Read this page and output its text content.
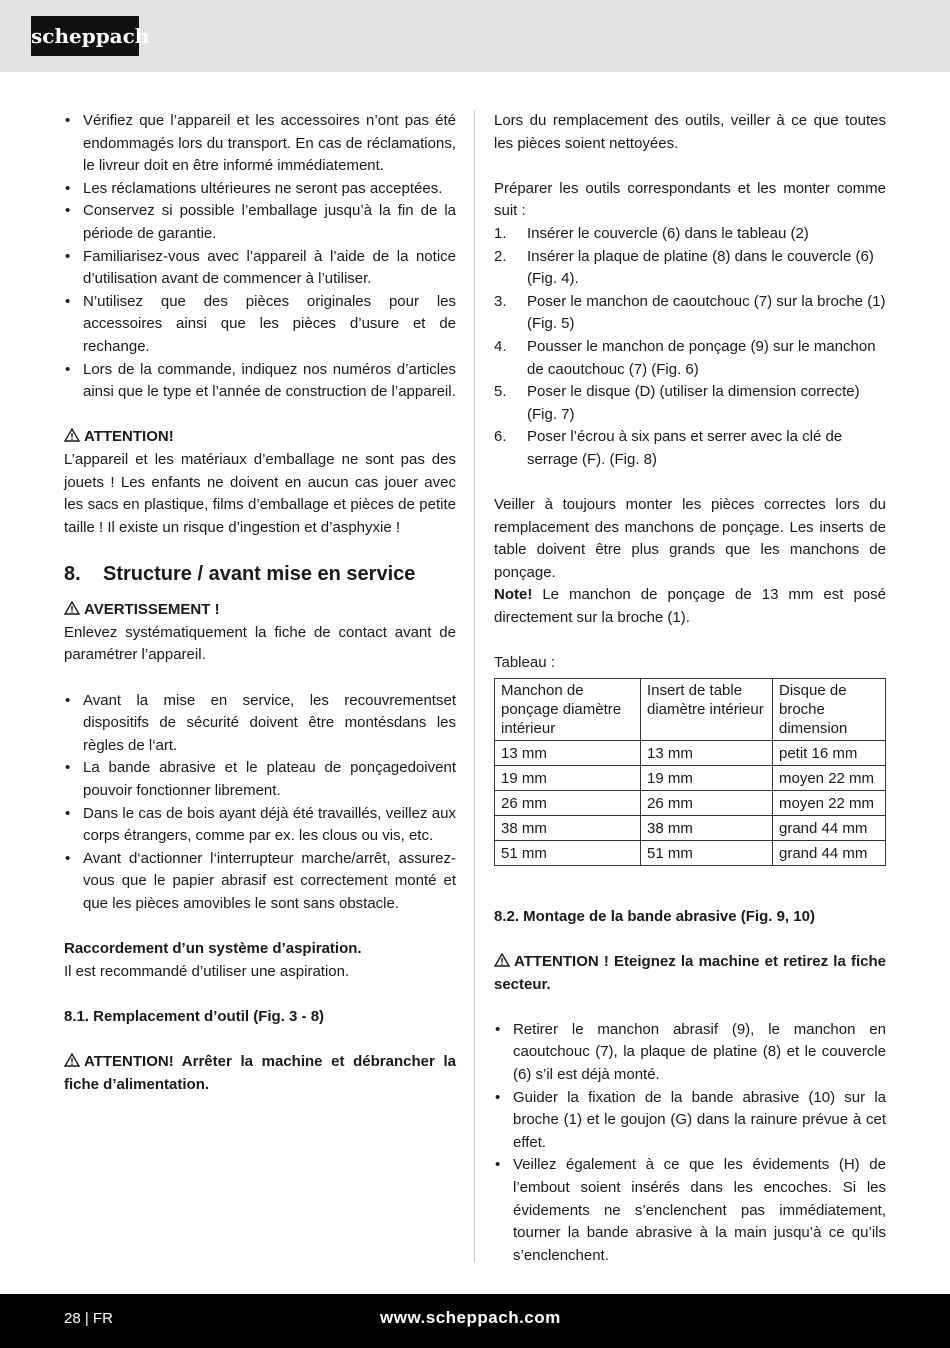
scheppach
• Vérifiez que l’appareil et les accessoires n’ont pas été endommagés lors du transport. En cas de réclamations, le livreur doit en être informé immédiatement.
• Les réclamations ultérieures ne seront pas acceptées.
• Conservez si possible l’emballage jusqu’à la fin de la période de garantie.
• Familiarisez-vous avec l’appareil à l’aide de la notice d’utilisation avant de commencer à l’utiliser.
• N’utilisez que des pièces originales pour les accessoires ainsi que les pièces d’usure et de rechange.
• Lors de la commande, indiquez nos numéros d’articles ainsi que le type et l’année de construction de l’appareil.

ATTENTION!

L’appareil et les matériaux d’emballage ne sont pas des jouets ! Les enfants ne doivent en aucun cas jouer avec les sacs en plastique, films d’emballage et pièces de petite taille ! Il existe un risque d’ingestion et d’asphyxie !

8. Structure / avant mise en service

AVERTISSEMENT !

Enlevez systématiquement la fiche de contact avant de paramétrer l’appareil.

• Avant la mise en service, les recouvrementset dispositifs de sécurité doivent être montésdans les règles de l‘art.
• La bande abrasive et le plateau de ponçagedoivent pouvoir fonctionner librement.
• Dans le cas de bois ayant déjà été travaillés, veillez aux corps étrangers, comme par ex. les clous ou vis, etc.
• Avant d‘actionner l‘interrupteur marche/arrêt, assurez-vous que le papier abrasif est correctement monté et que les pièces amovibles le sont sans obstacle.

Raccordement d’un système d’aspiration.

Il est recommandé d’utiliser une aspiration.

8.1. Remplacement d’outil (Fig. 3 - 8)

ATTENTION! Arrêter la machine et débrancher la fiche d’alimentation.

Lors du remplacement des outils, veiller à ce que toutes les pièces soient nettoyées.

Préparer les outils correspondants et les monter comme suit :

1. Insérer le couvercle (6) dans le tableau (2)
2. Insérer la plaque de platine (8) dans le couvercle (6) (Fig. 4).
3. Poser le manchon de caoutchouc (7) sur la broche (1) (Fig. 5)
4. Pousser le manchon de ponçage (9) sur le manchon de caoutchouc (7) (Fig. 6)
5. Poser le disque (D) (utiliser la dimension correcte) (Fig. 7)
6. Poser l’écrou à six pans et serrer avec la clé de serrage (F). (Fig. 8)

Veiller à toujours monter les pièces correctes lors du remplacement des manchons de ponçage. Les inserts de table doivent être plus grands que les manchons de ponçage.

Note! Le manchon de ponçage de 13 mm est posé directement sur la broche (1).

Tableau :

Manchon de ponçage diamètre intérieur	Insert de table diamètre intérieur	Disque de broche dimension
13 mm	13 mm	petit 16 mm
19 mm	19 mm	moyen 22 mm
26 mm	26 mm	moyen 22 mm
38 mm	38 mm	grand 44 mm
51 mm	51 mm	grand 44 mm

8.2. Montage de la bande abrasive (Fig. 9, 10)

ATTENTION ! Eteignez la machine et retirez la fiche secteur.

• Retirer le manchon abrasif (9), le manchon en caoutchouc (7), la plaque de platine (8) et le couvercle (6) s’il est déjà monté.
• Guider la fixation de la bande abrasive (10) sur la broche (1) et le goujon (G) dans la rainure prévue à cet effet.
• Veillez également à ce que les évidements (H) de l’embout soient insérés dans les encoches. Si les évidements ne s’enclenchent pas immédiatement, tourner la bande abrasive à la main jusqu’à ce qu’ils s’enclenchent.
28 | FR	www.scheppach.com
